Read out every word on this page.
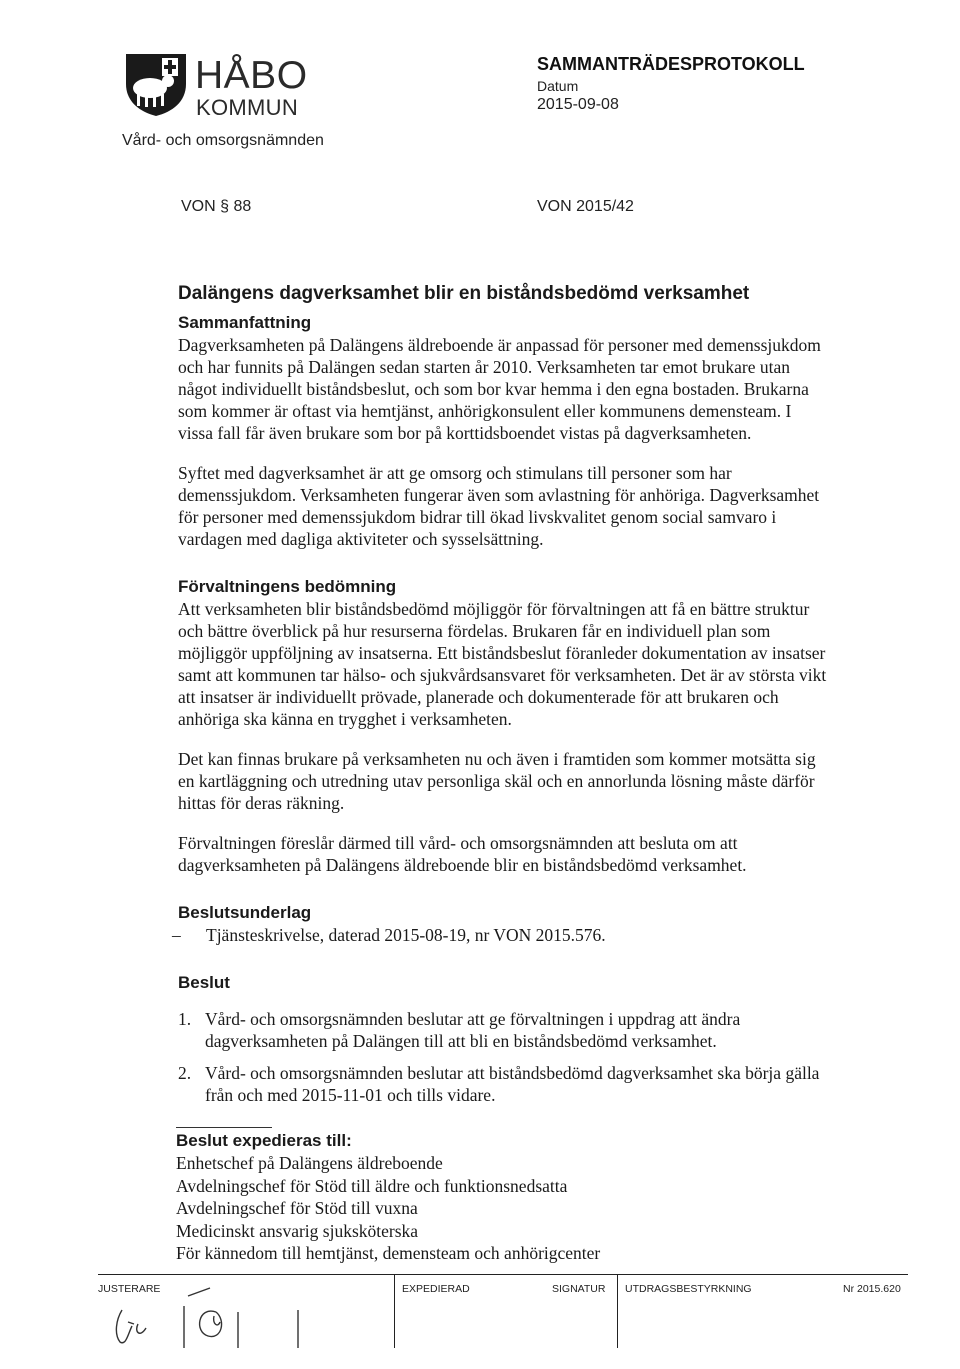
HÅBO
KOMMUN
Vård- och omsorgsnämnden
SAMMANTRÄDESPROTOKOLL
Datum
2015-09-08
VON § 88	VON 2015/42

Dalängens dagverksamhet blir en biståndsbedömd verksamhet

Sammanfattning

Dagverksamheten på Dalängens äldreboende är anpassad för personer med demenssjukdom och har funnits på Dalängen sedan starten år 2010. Verksamheten tar emot brukare utan något individuellt biståndsbeslut, och som bor kvar hemma i den egna bostaden. Brukarna som kommer är oftast via hemtjänst, anhörigkonsulent eller kommunens demensteam. I vissa fall får även brukare som bor på korttidsboendet vistas på dagverksamheten.

Syftet med dagverksamhet är att ge omsorg och stimulans till personer som har demenssjukdom. Verksamheten fungerar även som avlastning för anhöriga. Dagverksamhet för personer med demenssjukdom bidrar till ökad livskvalitet genom social samvaro i vardagen med dagliga aktiviteter och sysselsättning.

Förvaltningens bedömning

Att verksamheten blir biståndsbedömd möjliggör för förvaltningen att få en bättre struktur och bättre överblick på hur resurserna fördelas. Brukaren får en individuell plan som möjliggör uppföljning av insatserna. Ett biståndsbeslut föranleder dokumentation av insatser samt att kommunen tar hälso- och sjukvårdsansvaret för verksamheten. Det är av största vikt att insatser är individuellt prövade, planerade och dokumenterade för att brukaren och anhöriga ska känna en trygghet i verksamheten.

Det kan finnas brukare på verksamheten nu och även i framtiden som kommer motsätta sig en kartläggning och utredning utav personliga skäl och en annorlunda lösning måste därför hittas för deras räkning.

Förvaltningen föreslår därmed till vård- och omsorgsnämnden att besluta om att dagverksamheten på Dalängens äldreboende blir en biståndsbedömd verksamhet.

Beslutsunderlag

– Tjänsteskrivelse, daterad 2015-08-19, nr VON 2015.576.

Beslut

1. Vård- och omsorgsnämnden beslutar att ge förvaltningen i uppdrag att ändra dagverksamheten på Dalängen till att bli en biståndsbedömd verksamhet.
2. Vård- och omsorgsnämnden beslutar att biståndsbedömd dagverksamhet ska börja gälla från och med 2015-11-01 och tills vidare.

Beslut expedieras till:

Enhetschef på Dalängens äldreboende

Avdelningschef för Stöd till äldre och funktionsnedsatta

Avdelningschef för Stöd till vuxna

Medicinskt ansvarig sjuksköterska

För kännedom till hemtjänst, demensteam och anhörigcenter

JUSTERARE	EXPEDIERAD	SIGNATUR UTDRAGSBESTYRKNING	Nr 2015.620
